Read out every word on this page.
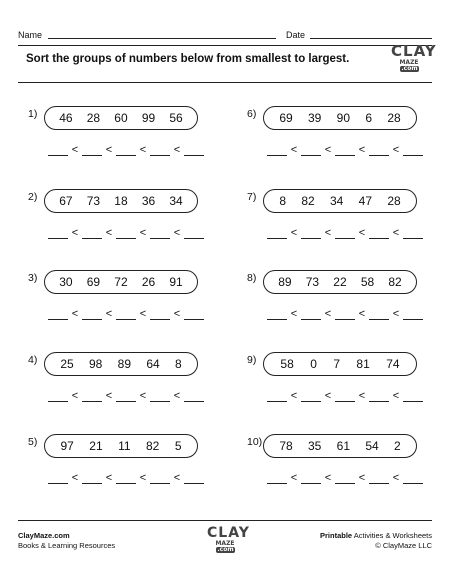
Name	Date
Sort the groups of numbers below from smallest to largest.	CLAY
MAZE.com
1) 46 28 60 99 56
<	<	<	<
2) 67 73 18 36 34
<	<	<	<
3) 30 69 72 26 91
<	<	<	<
4) 25 98 89 64 8
<	<	<	<
5) 97 21 11 82 5
<	<	<	<
6) 69 39 90 6 28
<	<	<	<
7) 8 82 34 47 28
<	<	<	<
8) 89 73 22 58 82
<	<	<	<
9) 58 0 7 81 74
<	<	<	<
10) 78 35 61 54 2
<	<	<	<
ClayMaze.com
Books & Learning Resources
CLAY
MAZE.com
Printable Activities & Worksheets
© ClayMaze LLC
